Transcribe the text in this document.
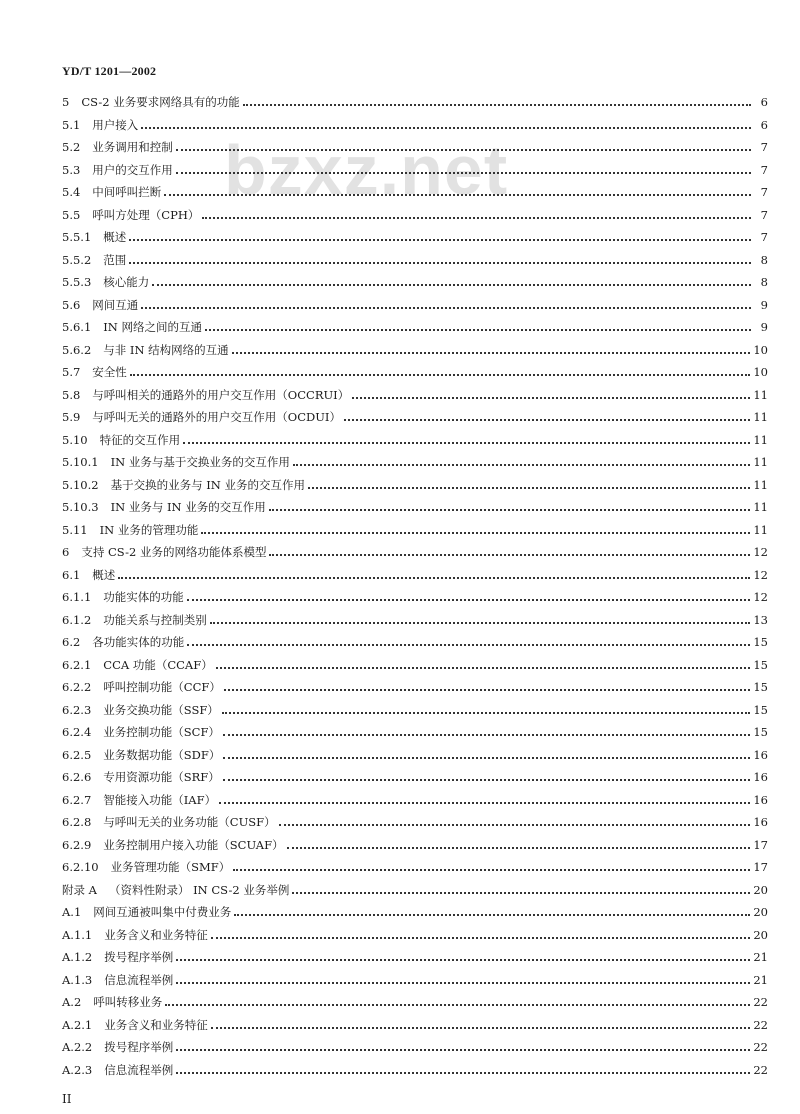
YD/T 1201—2002
bzxz.net
5 CS-2 业务要求网络具有的功能	6
5.1 用户接入	6
5.2 业务调用和控制	7
5.3 用户的交互作用	7
5.4 中间呼叫拦断	7
5.5 呼叫方处理（CPH）	7
5.5.1 概述	7
5.5.2 范围	8
5.5.3 核心能力	8
5.6 网间互通	9
5.6.1 IN 网络之间的互通	9
5.6.2 与非 IN 结构网络的互通	10
5.7 安全性	10
5.8 与呼叫相关的通路外的用户交互作用（OCCRUI）	11
5.9 与呼叫无关的通路外的用户交互作用（OCDUI）	11
5.10 特征的交互作用	11
5.10.1 IN 业务与基于交换业务的交互作用	11
5.10.2 基于交换的业务与 IN 业务的交互作用	11
5.10.3 IN 业务与 IN 业务的交互作用	11
5.11 IN 业务的管理功能	11
6 支持 CS-2 业务的网络功能体系模型	12
6.1 概述	12
6.1.1 功能实体的功能	12
6.1.2 功能关系与控制类别	13
6.2 各功能实体的功能	15
6.2.1 CCA 功能（CCAF）	15
6.2.2 呼叫控制功能（CCF）	15
6.2.3 业务交换功能（SSF）	15
6.2.4 业务控制功能（SCF）	15
6.2.5 业务数据功能（SDF）	16
6.2.6 专用资源功能（SRF）	16
6.2.7 智能接入功能（IAF）	16
6.2.8 与呼叫无关的业务功能（CUSF）	16
6.2.9 业务控制用户接入功能（SCUAF）	17
6.2.10 业务管理功能（SMF）	17
附录 A （资料性附录） IN CS-2 业务举例	20
A.1 网间互通被叫集中付费业务	20
A.1.1 业务含义和业务特征	20
A.1.2 拨号程序举例	21
A.1.3 信息流程举例	21
A.2 呼叫转移业务	22
A.2.1 业务含义和业务特征	22
A.2.2 拨号程序举例	22
A.2.3 信息流程举例	22
II
